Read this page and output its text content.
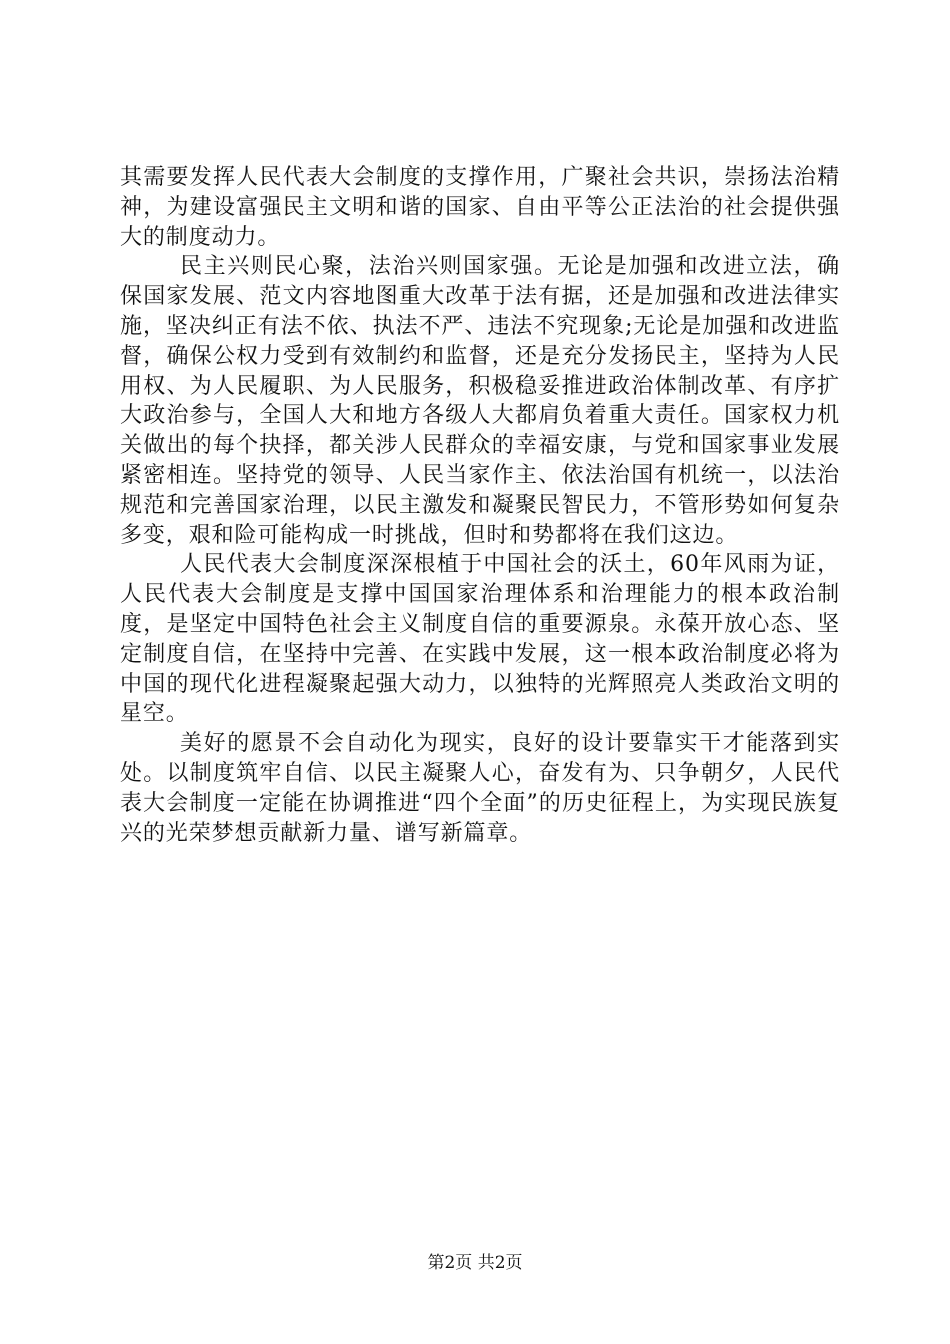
其需要发挥人民代表大会制度的支撑作用，广聚社会共识，崇扬法治精神，为建设富强民主文明和谐的国家、自由平等公正法治的社会提供强大的制度动力。

民主兴则民心聚，法治兴则国家强。无论是加强和改进立法，确保国家发展、范文内容地图重大改革于法有据，还是加强和改进法律实施，坚决纠正有法不依、执法不严、违法不究现象;无论是加强和改进监督，确保公权力受到有效制约和监督，还是充分发扬民主，坚持为人民用权、为人民履职、为人民服务，积极稳妥推进政治体制改革、有序扩大政治参与，全国人大和地方各级人大都肩负着重大责任。国家权力机关做出的每个抉择，都关涉人民群众的幸福安康，与党和国家事业发展紧密相连。坚持党的领导、人民当家作主、依法治国有机统一，以法治规范和完善国家治理，以民主激发和凝聚民智民力，不管形势如何复杂多变，艰和险可能构成一时挑战，但时和势都将在我们这边。

人民代表大会制度深深根植于中国社会的沃土，60年风雨为证，人民代表大会制度是支撑中国国家治理体系和治理能力的根本政治制度，是坚定中国特色社会主义制度自信的重要源泉。永葆开放心态、坚定制度自信，在坚持中完善、在实践中发展，这一根本政治制度必将为中国的现代化进程凝聚起强大动力，以独特的光辉照亮人类政治文明的星空。

美好的愿景不会自动化为现实，良好的设计要靠实干才能落到实处。以制度筑牢自信、以民主凝聚人心，奋发有为、只争朝夕，人民代表大会制度一定能在协调推进“四个全面”的历史征程上，为实现民族复兴的光荣梦想贡献新力量、谱写新篇章。

第2页 共2页
